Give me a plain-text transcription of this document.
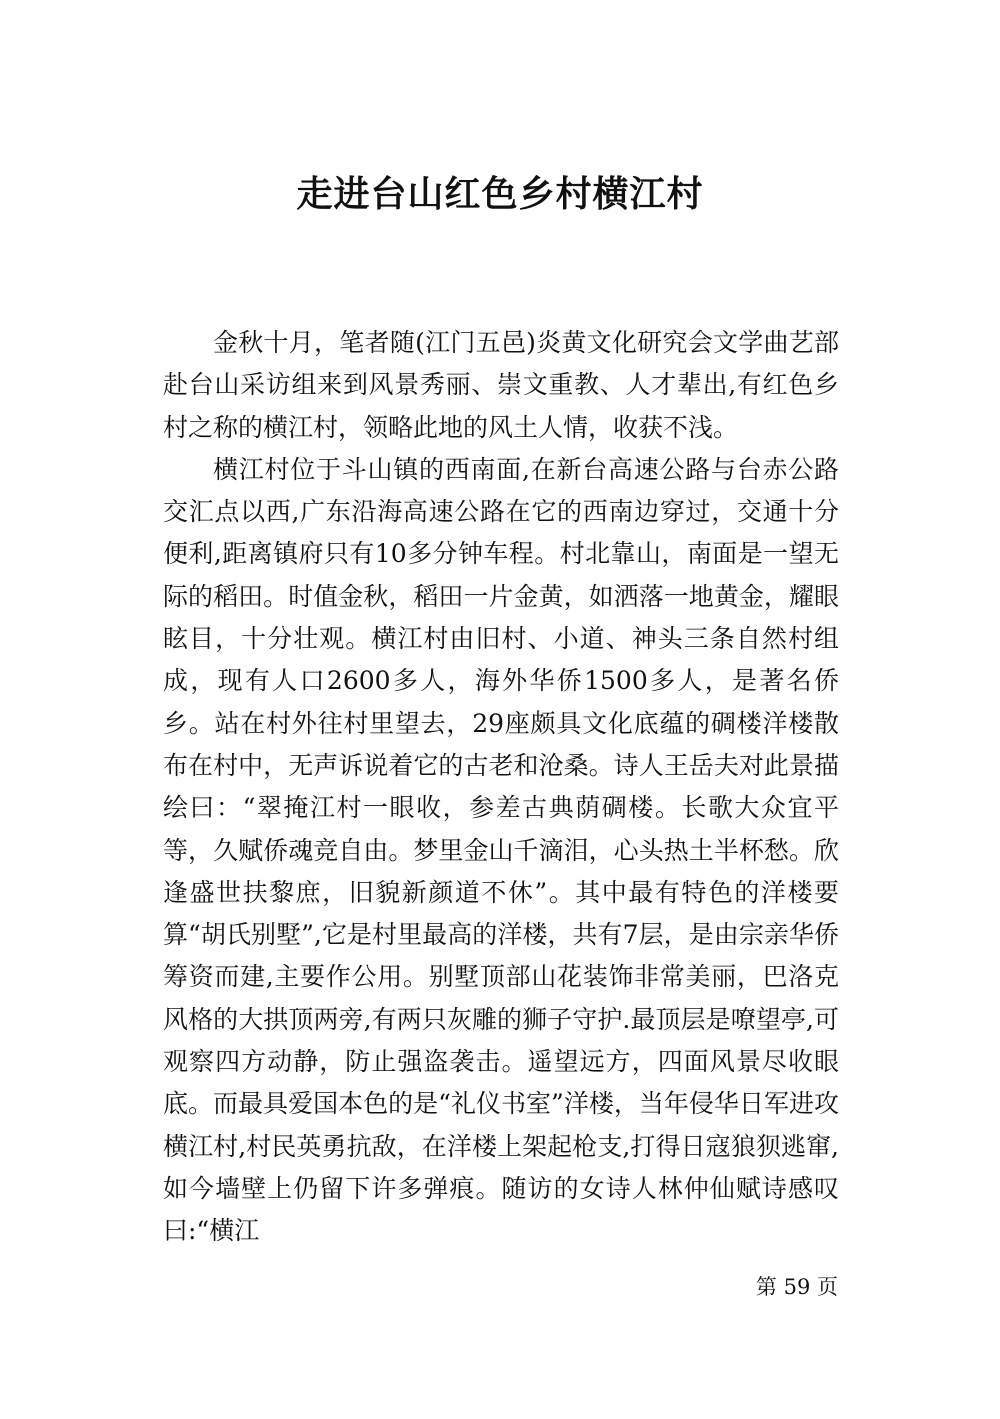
走进台山红色乡村横江村

金秋十月，笔者随(江门五邑)炎黄文化研究会文学曲艺部赴台山采访组来到风景秀丽、崇文重教、人才辈出,有红色乡村之称的横江村，领略此地的风土人情，收获不浅。

横江村位于斗山镇的西南面,在新台高速公路与台赤公路交汇点以西,广东沿海高速公路在它的西南边穿过，交通十分便利,距离镇府只有10多分钟车程。村北靠山，南面是一望无际的稻田。时值金秋，稻田一片金黄，如洒落一地黄金，耀眼眩目，十分壮观。横江村由旧村、小道、神头三条自然村组成，现有人口2600多人，海外华侨1500多人，是著名侨乡。站在村外往村里望去，29座颇具文化底蕴的碉楼洋楼散布在村中，无声诉说着它的古老和沧桑。诗人王岳夫对此景描绘曰：“翠掩江村一眼收，参差古典荫碉楼。长歌大众宜平等，久赋侨魂竞自由。梦里金山千滴泪，心头热土半杯愁。欣逢盛世扶黎庶，旧貌新颜道不休”。其中最有特色的洋楼要算“胡氏别墅”,它是村里最高的洋楼，共有7层，是由宗亲华侨筹资而建,主要作公用。别墅顶部山花装饰非常美丽，巴洛克风格的大拱顶两旁,有两只灰雕的狮子守护.最顶层是嘹望亭,可观察四方动静，防止强盗袭击。遥望远方，四面风景尽收眼底。而最具爱国本色的是“礼仪书室”洋楼，当年侵华日军进攻横江村,村民英勇抗敌，在洋楼上架起枪支,打得日寇狼狈逃窜,如今墙壁上仍留下许多弹痕。随访的女诗人林仲仙赋诗感叹曰:“横江

第 59 页
